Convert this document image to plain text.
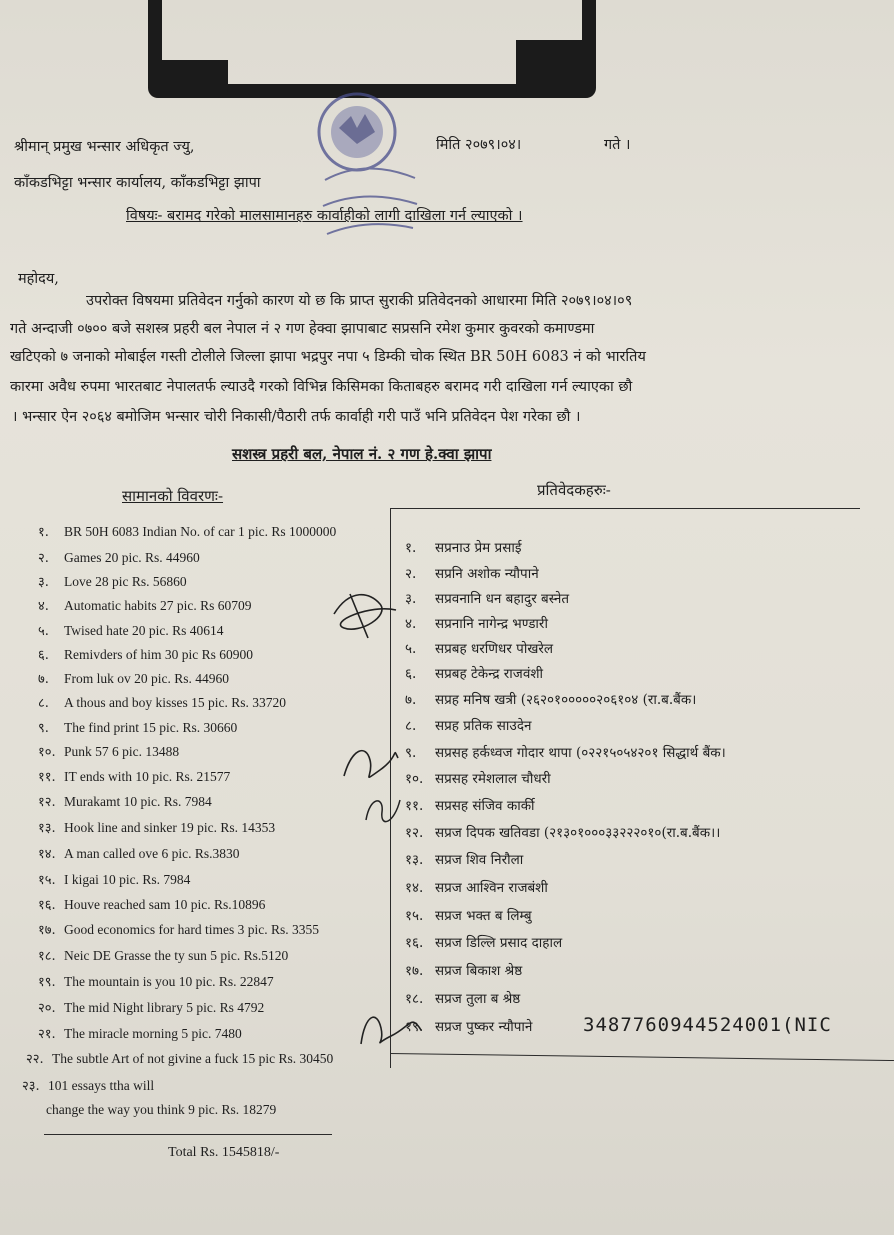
श्रीमान् प्रमुख भन्सार अधिकृत ज्यु,	मिति २०७९।०४।	गते ।
काँकडभिट्टा भन्सार कार्यालय, काँकडभिट्टा झापा
विषयः- बरामद गरेको मालसामानहरु कार्वाहीको लागी दाखिला गर्न ल्याएको ।
महोदय,
उपरोक्त विषयमा प्रतिवेदन गर्नुको कारण यो छ कि प्राप्त सुराकी प्रतिवेदनको आधारमा मिति २०७९।०४।०९
गते अन्दाजी ०७०० बजे सशस्त्र प्रहरी बल नेपाल नं २ गण हेक्वा झापाबाट सप्रसनि रमेश कुमार कुवरको कमाण्डमा
खटिएको ७ जनाको मोबाईल गस्ती टोलीले जिल्ला झापा भद्रपुर नपा ५ डिम्की चोक स्थित BR 50H 6083 नं को भारतिय
कारमा अवैध रुपमा भारतबाट नेपालतर्फ ल्याउदै गरको विभिन्न किसिमका किताबहरु बरामद गरी दाखिला गर्न ल्याएका छौ
। भन्सार ऐन २०६४ बमोजिम भन्सार चोरी निकासी/पैठारी तर्फ कार्वाही गरी पाउँ भनि प्रतिवेदन पेश गरेका छौ ।
सशस्त्र प्रहरी बल, नेपाल नं. २ गण हे.क्वा झापा
सामानको विवरणः-	प्रतिवेदकहरुः-
१. BR 50H 6083 Indian No. of car 1 pic. Rs 1000000
२. Games 20 pic. Rs. 44960
३. Love 28 pic Rs. 56860
४. Automatic habits 27 pic. Rs 60709
५. Twised hate 20 pic. Rs 40614
६. Remivders of him 30 pic Rs 60900
७. From luk ov 20 pic. Rs. 44960
८. A thous and boy kisses 15 pic. Rs. 33720
९. The find print 15 pic. Rs. 30660
१०. Punk 57 6 pic. 13488
११. IT ends with 10 pic. Rs. 21577
१२. Murakamt 10 pic. Rs. 7984
१३. Hook line and sinker 19 pic. Rs. 14353
१४. A man called ove 6 pic. Rs.3830
१५. I kigai 10 pic. Rs. 7984
१६. Houve reached sam 10 pic. Rs.10896
१७. Good economics for hard times 3 pic. Rs. 3355
१८. Neic DE Grasse the ty sun 5 pic. Rs.5120
१९. The mountain is you 10 pic. Rs. 22847
२०. The mid Night library 5 pic. Rs 4792
२१. The miracle morning 5 pic. 7480
२२. The subtle Art of not givine a fuck 15 pic Rs. 30450
२३. 101 essays ttha will
change the way you think 9 pic. Rs. 18279
Total Rs. 1545818/-
१. सप्रनाउ प्रेम प्रसाई
२. सप्रनि अशोक न्यौपाने
३. सप्रवनानि धन बहादुर बस्नेत
४. सप्रनानि नागेन्द्र भण्डारी
५. सप्रबह धरणिधर पोखरेल
६. सप्रबह टेकेन्द्र राजवंशी
७. सप्रह मनिष खत्री (२६२०१०००००२०६१०४ (रा.ब.बैंक।
८. सप्रह प्रतिक साउदेन
९. सप्रसह हर्कध्वज गोदार थापा (०२२१५०५४२०१ सिद्धार्थ बैंक।
१०. सप्रसह रमेशलाल चौधरी
११. सप्रसह संजिव कार्की
१२. सप्रज दिपक खतिवडा (२१३०१०००३३२२२०१०(रा.ब.बैंक।।
१३. सप्रज शिव निरौला
१४. सप्रज आश्विन राजबंशी
१५. सप्रज भक्त ब लिम्बु
१६. सप्रज डिल्लि प्रसाद दाहाल
१७. सप्रज बिकाश श्रेष्ठ
१८. सप्रज तुला ब श्रेष्ठ
१९. सप्रज पुष्कर न्यौपाने	3487760944524001(NIC
